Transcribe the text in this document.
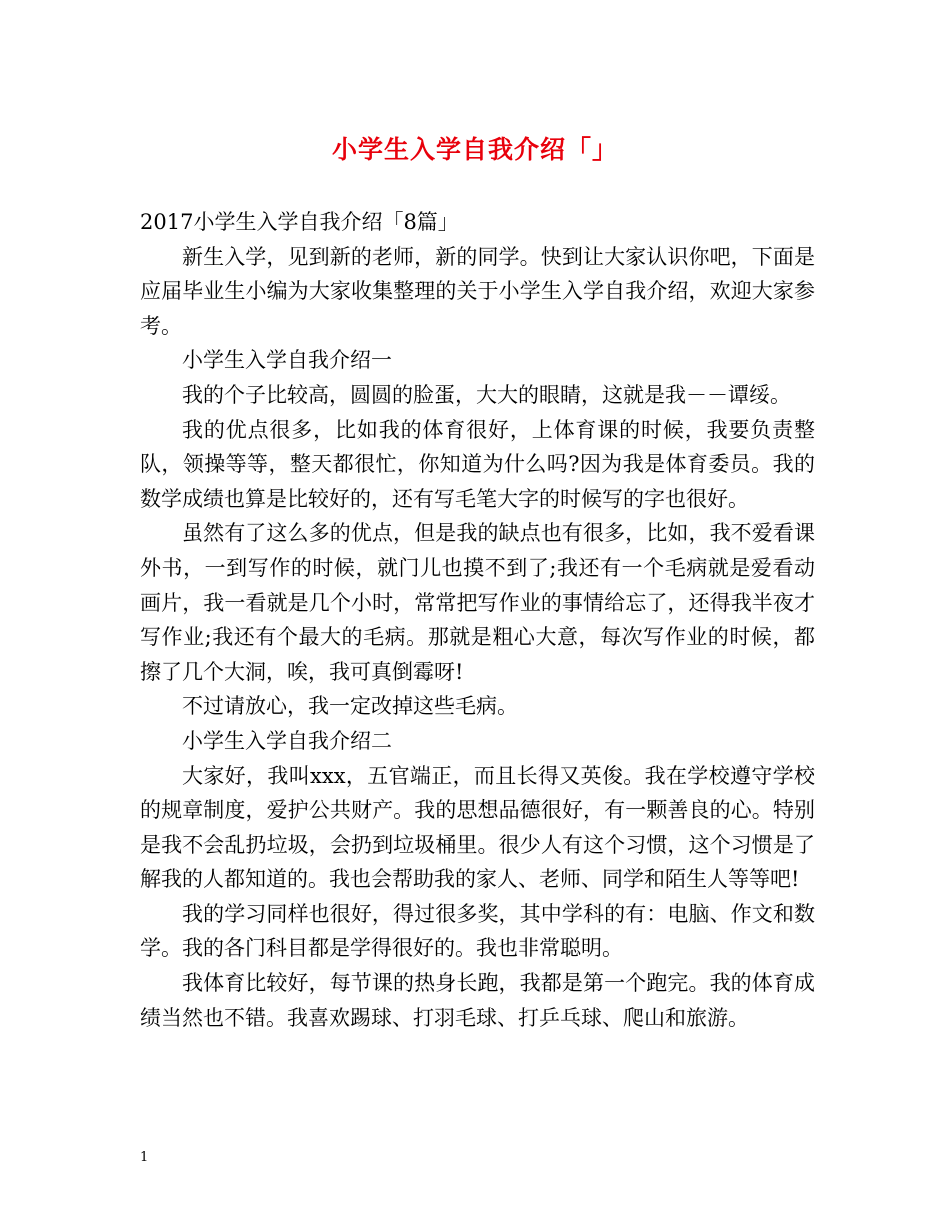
小学生入学自我介绍「」

2017小学生入学自我介绍「8篇」

新生入学，见到新的老师，新的同学。快到让大家认识你吧，下面是应届毕业生小编为大家收集整理的关于小学生入学自我介绍，欢迎大家参考。

小学生入学自我介绍一

我的个子比较高，圆圆的脸蛋，大大的眼睛，这就是我－－谭绥。

我的优点很多，比如我的体育很好，上体育课的时候，我要负责整队，领操等等，整天都很忙，你知道为什么吗?因为我是体育委员。我的数学成绩也算是比较好的，还有写毛笔大字的时候写的字也很好。

虽然有了这么多的优点，但是我的缺点也有很多，比如，我不爱看课外书，一到写作的时候，就门儿也摸不到了;我还有一个毛病就是爱看动画片，我一看就是几个小时，常常把写作业的事情给忘了，还得我半夜才写作业;我还有个最大的毛病。那就是粗心大意，每次写作业的时候，都擦了几个大洞，唉，我可真倒霉呀!

不过请放心，我一定改掉这些毛病。

小学生入学自我介绍二

大家好，我叫xxx，五官端正，而且长得又英俊。我在学校遵守学校的规章制度，爱护公共财产。我的思想品德很好，有一颗善良的心。特别是我不会乱扔垃圾，会扔到垃圾桶里。很少人有这个习惯，这个习惯是了解我的人都知道的。我也会帮助我的家人、老师、同学和陌生人等等吧!

我的学习同样也很好，得过很多奖，其中学科的有：电脑、作文和数学。我的各门科目都是学得很好的。我也非常聪明。

我体育比较好，每节课的热身长跑，我都是第一个跑完。我的体育成绩当然也不错。我喜欢踢球、打羽毛球、打乒乓球、爬山和旅游。

1
